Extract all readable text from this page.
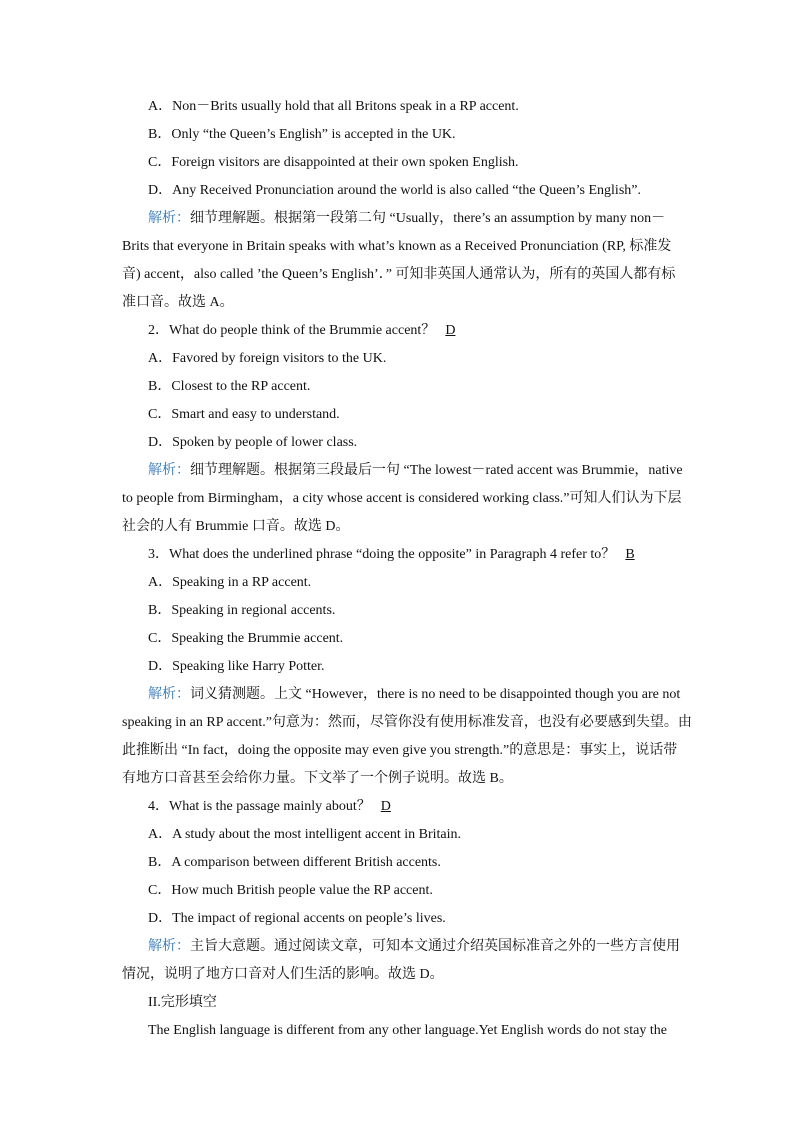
A．Non－Brits usually hold that all Britons speak in a RP accent.
B．Only “the Queen’s English” is accepted in the UK.
C．Foreign visitors are disappointed at their own spoken English.
D．Any Received Pronunciation around the world is also called “the Queen’s English”.
解析：细节理解题。根据第一段第二句 “Usually，there’s an assumption by many non－
Brits that everyone in Britain speaks with what’s known as a Received Pronunciation (RP, 标准发
音) accent，also called ’the Queen’s English’．” 可知非英国人通常认为，所有的英国人都有标
准口音。故选 A。
2．What do people think of the Brummie accent？ D
A．Favored by foreign visitors to the UK.
B．Closest to the RP accent.
C．Smart and easy to understand.
D．Spoken by people of lower class.
解析：细节理解题。根据第三段最后一句 “The lowest－rated accent was Brummie，native
to people from Birmingham，a city whose accent is considered working class.”可知人们认为下层
社会的人有 Brummie 口音。故选 D。
3．What does the underlined phrase “doing the opposite” in Paragraph 4 refer to？ B
A．Speaking in a RP accent.
B．Speaking in regional accents.
C．Speaking the Brummie accent.
D．Speaking like Harry Potter.
解析：词义猜测题。上文 “However，there is no need to be disappointed though you are not
speaking in an RP accent.”句意为：然而，尽管你没有使用标准发音，也没有必要感到失望。由
此推断出 “In fact，doing the opposite may even give you strength.”的意思是：事实上，说话带
有地方口音甚至会给你力量。下文举了一个例子说明。故选 B。
4．What is the passage mainly about？ D
A．A study about the most intelligent accent in Britain.
B．A comparison between different British accents.
C．How much British people value the RP accent.
D．The impact of regional accents on people’s lives.
解析：主旨大意题。通过阅读文章，可知本文通过介绍英国标准音之外的一些方言使用
情况，说明了地方口音对人们生活的影响。故选 D。
II.完形填空
The English language is different from any other language.Yet English words do not stay the
